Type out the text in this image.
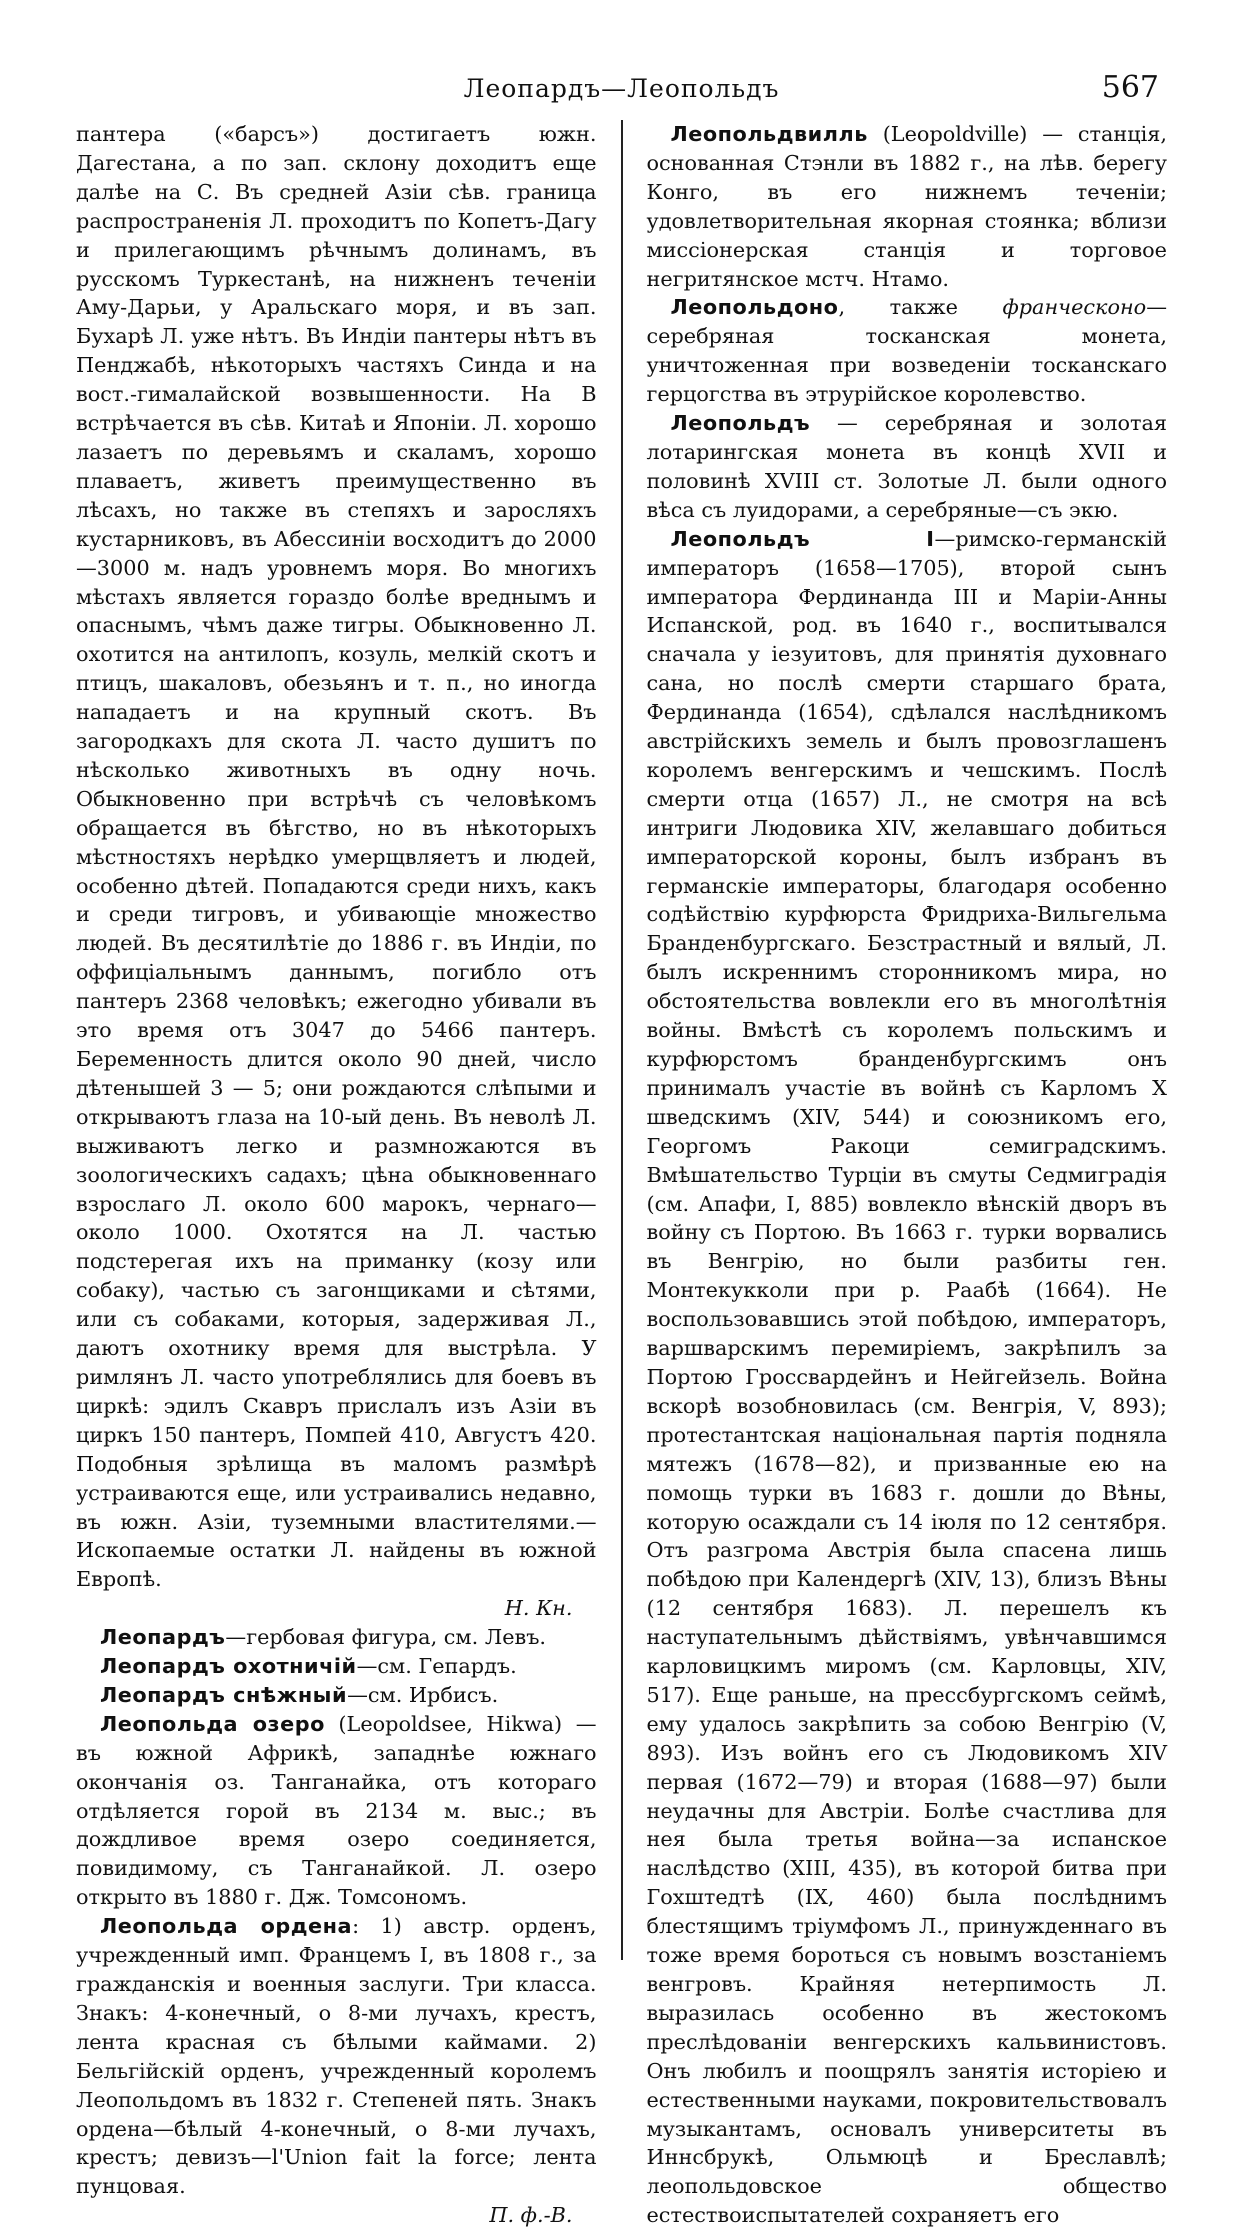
Леопардъ—Леопольдъ	567

пантера («барсъ») достигаетъ южн. Дагестана, а по зап. склону доходитъ еще далѣе на С. Въ средней Азіи сѣв. граница распространенія Л. проходитъ по Копетъ-Дагу и прилегающимъ рѣчнымъ долинамъ, въ русскомъ Туркестанѣ, на нижненъ теченіи Аму-Дарьи, у Аральскаго моря, и въ зап. Бухарѣ Л. уже нѣтъ. Въ Индіи пантеры нѣтъ въ Пенджабѣ, нѣкоторыхъ частяхъ Синда и на вост.-гималайской возвышенности. На В встрѣчается въ сѣв. Китаѣ и Японіи. Л. хорошо лазаетъ по деревьямъ и скаламъ, хорошо плаваетъ, живетъ преимущественно въ лѣсахъ, но также въ степяхъ и заросляхъ кустарниковъ, въ Абесcиніи восходитъ до 2000—3000 м. надъ уровнемъ моря. Во многихъ мѣстахъ является гораздо болѣе вреднымъ и опаснымъ, чѣмъ даже тигры. Обыкновенно Л. охотится на антилопъ, козуль, мелкій скотъ и птицъ, шакаловъ, обезьянъ и т. п., но иногда нападаетъ и на крупный скотъ. Въ загородкахъ для скота Л. часто душитъ по нѣсколько животныхъ въ одну ночь. Обыкновенно при встрѣчѣ съ человѣкомъ обращается въ бѣгство, но въ нѣкоторыхъ мѣстностяхъ нерѣдко умерщвляетъ и людей, особенно дѣтей. Попадаются среди нихъ, какъ и среди тигровъ, и убивающіе множество людей. Въ десятилѣтіе до 1886 г. въ Индіи, по оффиціальнымъ даннымъ, погибло отъ пантеръ 2368 человѣкъ; ежегодно убивали въ это время отъ 3047 до 5466 пантеръ. Беременность длится около 90 дней, число дѣтенышей 3 — 5; они рождаются слѣпыми и открываютъ глаза на 10-ый день. Въ неволѣ Л. выживаютъ легко и размножаются въ зоологическихъ садахъ; цѣна обыкновеннаго взрослаго Л. около 600 марокъ, чернаго—около 1000. Охотятся на Л. частью подстерегая ихъ на приманку (козу или собаку), частью съ загонщиками и сѣтями, или съ собаками, которыя, задерживая Л., даютъ охотнику время для выстрѣла. У римлянъ Л. часто употреблялись для боевъ въ циркѣ: эдилъ Скавръ прислалъ изъ Азіи въ циркъ 150 пантеръ, Помпей 410, Августъ 420. Подобныя зрѣлища въ маломъ размѣрѣ устраиваются еще, или устраивались недавно, въ южн. Азіи, туземными властителями.—Ископаемые остатки Л. найдены въ южной Европѣ.

Н. Кн.

Леопардъ—гербовая фигура, см. Левъ.

Леопардъ охотничій—см. Гепардъ.

Леопардъ снѣжный—см. Ирбисъ.

Леопольда озеро (Leopoldsee, Hikwa) — въ южной Африкѣ, западнѣе южнаго окончанія оз. Танганайка, отъ котораго отдѣляется горой въ 2134 м. выс.; въ дождливое время озеро соединяется, повидимому, съ Танганайкой. Л. озеро открыто въ 1880 г. Дж. Томсономъ.

Леопольда ордена: 1) австр. орденъ, учрежденный имп. Францемъ I, въ 1808 г., за гражданскія и военныя заслуги. Три класса. Знакъ: 4-конечный, о 8-ми лучахъ, крестъ, лента красная съ бѣлыми каймами. 2) Бельгійскій орденъ, учрежденный королемъ Леопольдомъ въ 1832 г. Степеней пять. Знакъ ордена—бѣлый 4-конечный, о 8-ми лучахъ, крестъ; девизъ—l'Union fait la force; лента пунцовая.

П. ф.-В.

Леопольдвилль (Leopoldville) — станція, основанная Стэнли въ 1882 г., на лѣв. берегу Конго, въ его нижнемъ теченіи; удовлетворительная якорная стоянка; вблизи миссіонерская станція и торговое негритянское мстч. Нтамо.

Леопольдоно, также франческоно—серебряная тосканская монета, уничтоженная при возведеніи тосканскаго герцогства въ этрурійское королевство.

Леопольдъ — серебряная и золотая лотарингская монета въ концѣ XVII и половинѣ XVIII ст. Золотые Л. были одного вѣса съ луидорами, а серебряные—съ экю.

Леопольдъ I—римско-германскій императоръ (1658—1705), второй сынъ императора Фердинанда III и Маріи-Анны Испанской, род. въ 1640 г., воспитывался сначала у іезуитовъ, для принятія духовнаго сана, но послѣ смерти старшаго брата, Фердинанда (1654), сдѣлался наслѣдникомъ австрійскихъ земель и былъ провозглашенъ королемъ венгерскимъ и чешскимъ. Послѣ смерти отца (1657) Л., не смотря на всѣ интриги Людовика XIV, желавшаго добиться императорской короны, былъ избранъ въ германскіе императоры, благодаря особенно содѣйствію курфюрста Фридриха-Вильгельма Бранденбургскаго. Безстрастный и вялый, Л. былъ искреннимъ сторонникомъ мира, но обстоятельства вовлекли его въ многолѣтнія войны. Вмѣстѣ съ королемъ польскимъ и курфюрстомъ бранденбургскимъ онъ принималъ участіе въ войнѣ съ Карломъ X шведскимъ (XIV, 544) и союзникомъ его, Георгомъ Ракоци семиградскимъ. Вмѣшательство Турціи въ смуты Седмиградія (см. Апафи, I, 885) вовлекло вѣнскій дворъ въ войну съ Портою. Въ 1663 г. турки ворвались въ Венгрію, но были разбиты ген. Монтекукколи при р. Раабѣ (1664). Не воспользовавшись этой побѣдою, императоръ, варшварскимъ перемиріемъ, закрѣпилъ за Портою Гроссвардейнъ и Нейгейзель. Война вскорѣ возобновилась (см. Венгрія, V, 893); протестантская національная партія подняла мятежъ (1678—82), и призванные ею на помощь турки въ 1683 г. дошли до Вѣны, которую осаждали съ 14 іюля по 12 сентября. Отъ разгрома Австрія была спасена лишь побѣдою при Календергѣ (XIV, 13), близъ Вѣны (12 сентября 1683). Л. перешелъ къ наступательнымъ дѣйствіямъ, увѣнчавшимся карловицкимъ миромъ (см. Карловцы, XIV, 517). Еще раньше, на прессбургскомъ сеймѣ, ему удалось закрѣпить за собою Венгрію (V, 893). Изъ войнъ его съ Людовикомъ XIV первая (1672—79) и вторая (1688—97) были неудачны для Австріи. Болѣе счастлива для нея была третья война—за испанское наслѣдство (XIII, 435), въ которой битва при Гохштедтѣ (IX, 460) была послѣднимъ блестящимъ тріумфомъ Л., принужденнаго въ тоже время бороться съ новымъ возстаніемъ венгровъ. Крайняя нетерпимость Л. выразилась особенно въ жестокомъ преслѣдованіи венгерскихъ кальвинистовъ. Онъ любилъ и поощрялъ занятія исторіею и естественными науками, покровительствовалъ музыкантамъ, основалъ университеты въ Иннсбрукѣ, Ольмюцѣ и Бреславлѣ; леопольдовское общество естествоиспытателей сохраняетъ его
